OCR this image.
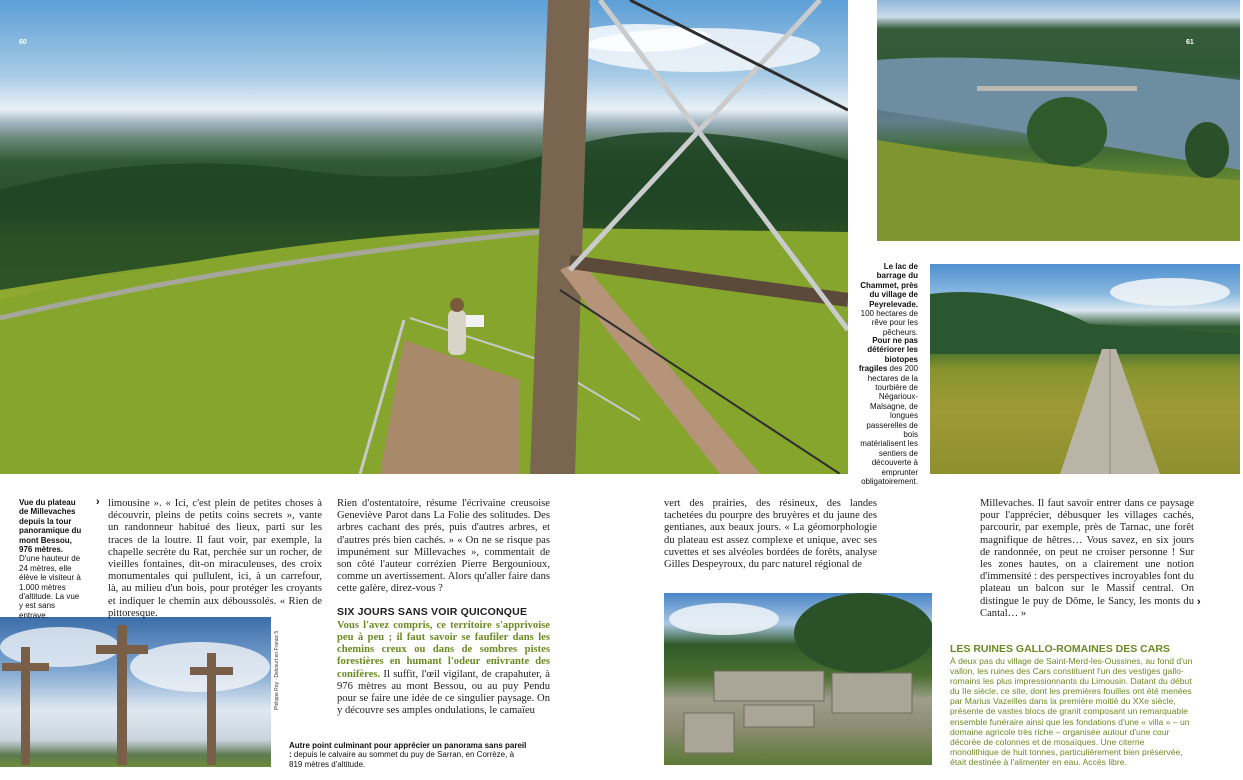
60	61
Vue du plateau de Millevaches depuis la tour panoramique du mont Bessou, 976 mètres. D'une hauteur de 24 mètres, elle élève le visiteur à 1.000 mètres d'altitude. La vue y est sans entrave.
Le lac de barrage du Chammet, près du village de Peyrelevade. 100 hectares de rêve pour les pêcheurs.
Pour ne pas détériorer les biotopes fragiles des 200 hectares de la tourbière de Négarioux-Malsagne, de longues passerelles de bois matérialisent les sentiers de découverte à emprunter obligatoirement.
Autre point culminant pour apprécier un panorama sans pareil : depuis le calvaire au sommet du puy de Sarran, en Corrèze, à 819 mètres d'altitude.
Philippe Roy · Delcourt en France 5
› limousine ». « Ici, c'est plein de petites choses à découvrir, pleins de petits coins secrets », vante un randonneur habitué des lieux, parti sur les traces de la loutre. Il faut voir, par exemple, la chapelle secrète du Rat, perchée sur un rocher, de vieilles fontaines, dit-on miraculeuses, des croix monumentales qui pullulent, ici, à un carrefour, là, au milieu d'un bois, pour protéger les croyants et indiquer le chemin aux déboussolés. « Rien de pittoresque.
Rien d'ostentatoire, résume l'écrivaine creusoise Geneviève Parot dans La Folie des solitudes. Des arbres cachant des prés, puis d'autres arbres, et d'autres prés bien cachés. » « On ne se risque pas impunément sur Millevaches », commentait de son côté l'auteur corrézien Pierre Bergounioux, comme un avertissement. Alors qu'aller faire dans cette galère, direz-vous ?
SIX JOURS SANS VOIR QUICONQUE
Vous l'avez compris, ce territoire s'apprivoise peu à peu ; il faut savoir se faufiler dans les chemins creux ou dans de sombres pistes forestières en humant l'odeur enivrante des conifères. Il suffit, l'œil vigilant, de crapahuter, à 976 mètres au mont Bessou, ou au puy Pendu pour se faire une idée de ce singulier paysage. On y découvre ses amples ondulations, le camaïeu
vert des prairies, des résineux, des landes tachetées du pourpre des bruyères et du jaune des gentianes, aux beaux jours. « La géomorphologie du plateau est assez complexe et unique, avec ses cuvettes et ses alvéoles bordées de forêts, analyse Gilles Despeyroux, du parc naturel régional de
Millevaches. Il faut savoir entrer dans ce paysage pour l'apprécier, débusquer les villages cachés, parcourir, par exemple, près de Tarnac, une forêt magnifique de hêtres… Vous savez, en six jours de randonnée, on peut ne croiser personne ! Sur les zones hautes, on a clairement une notion d'immensité : des perspectives incroyables font du plateau un balcon sur le Massif central. On distingue le puy de Dôme, le Sancy, les monts du Cantal… »
›
LES RUINES GALLO-ROMAINES DES CARS
À deux pas du village de Saint-Merd-les-Oussines, au fond d'un vallon, les ruines des Cars constituent l'un des vestiges gallo-romains les plus impressionnants du Limousin. Datant du début du IIe siècle, ce site, dont les premières fouilles ont été menées par Marius Vazeilles dans la première moitié du XXe siècle, présente de vastes blocs de granit composant un remarquable ensemble funéraire ainsi que les fondations d'une « villa » – un domaine agricole très riche – organisée autour d'une cour décorée de colonnes et de mosaïques. Une citerne monolithique de huit tonnes, particulièrement bien préservée, était destinée à l'alimenter en eau. Accès libre.
